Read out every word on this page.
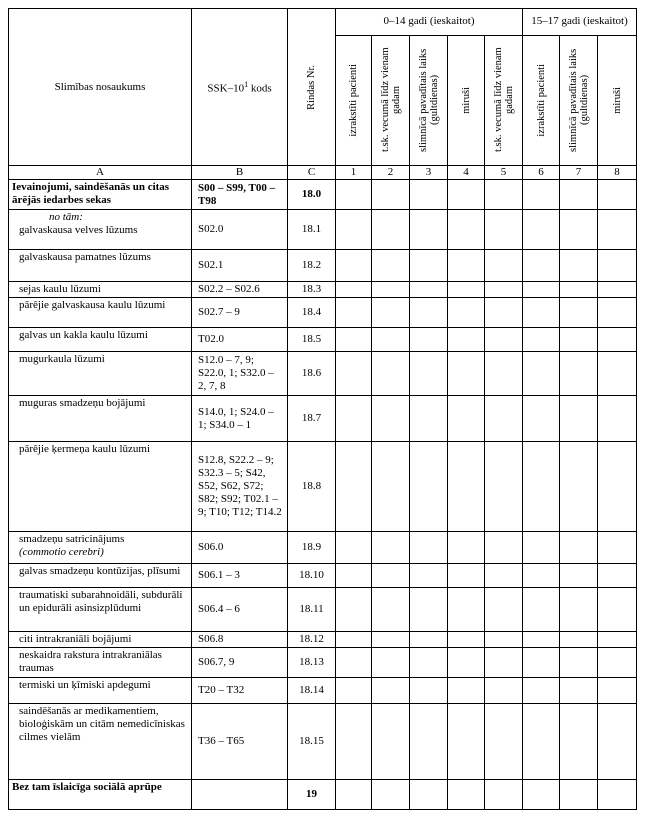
Slimības nosaukums	SSK–$10^1$ kods	Rindas Nr.	0–14 gadi (ieskaitot)					15–17 gadi (ieskaitot)		

			izrakstīti pacienti	t.sk. vecumā līdz vienam gadam	slimnīcā pavadītais laiks (gultdienas)	miruši	t.sk. vecumā līdz vienam gadam	izrakstīti pacienti	slimnīcā pavadītais laiks (gultdienas)	miruši

A	B	C	1	2	3	4	5	6	7	8

Ievainojumi, saindēšanās un citas ārējās iedarbes sekas	S00 – S99, T00 – T98	18.0								

no tām:
galvaskausa velves lūzums	S02.0	18.1								

galvaskausa pamatnes lūzums	S02.1	18.2								

sejas kaulu lūzumi	S02.2 – S02.6	18.3								

pārējie galvaskausa kaulu lūzumi	S02.7 – 9	18.4								

galvas un kakla kaulu lūzumi	T02.0	18.5								

mugurkaula lūzumi	S12.0 – 7, 9; S22.0, 1; S32.0 – 2, 7, 8	18.6								

muguras smadzeņu bojājumi	S14.0, 1; S24.0 – 1; S34.0 – 1	18.7								

pārējie ķermeņa kaulu lūzumi	S12.8, S22.2 – 9; S32.3 – 5; S42, S52, S62, S72; S82; S92; T02.1 – 9; T10; T12; T14.2	18.8								

smadzeņu satricinājums
(commotio cerebri)	S06.0	18.9								

galvas smadzeņu kontūzijas, plīsumi	S06.1 – 3	18.10								

traumatiski subarahnoidāli, subdurāli un epidurāli asinsizplūdumi	S06.4 – 6	18.11								

citi intrakraniāli bojājumi	S06.8	18.12								

neskaidra rakstura intrakraniālas traumas	S06.7, 9	18.13								

termiski un ķīmiski apdegumi	T20 – T32	18.14								

saindēšanās ar medikamentiem, bioloģiskām un citām nemedicīniskas cilmes vielām	T36 – T65	18.15								

Bez tam īslaicīga sociālā aprūpe		19								
